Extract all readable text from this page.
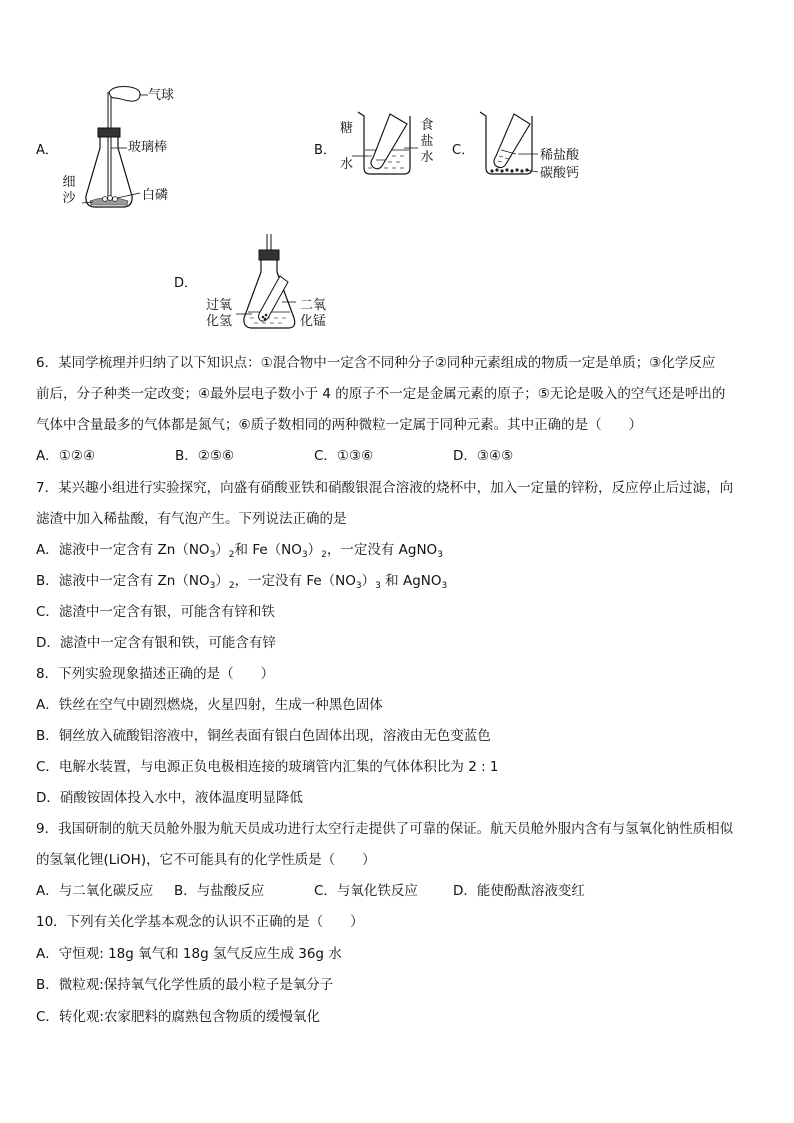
A．
气球
玻璃棒
细沙	白磷
B．
糖
水
食盐水 C．	稀盐酸
碳酸钙
D．
过氧化氢
二氧化锰
6．某同学梳理并归纳了以下知识点：①混合物中一定含不同种分子②同种元素组成的物质一定是单质；③化学反应
前后，分子种类一定改变；④最外层电子数小于 4 的原子不一定是金属元素的原子；⑤无论是吸入的空气还是呼出的
气体中含量最多的气体都是氮气；⑥质子数相同的两种微粒一定属于同种元素。其中正确的是（　　）
A．①②④	B．②⑤⑥	C．①③⑥	D．③④⑤
7．某兴趣小组进行实验探究，向盛有硝酸亚铁和硝酸银混合溶液的烧杯中，加入一定量的锌粉，反应停止后过滤，向
滤渣中加入稀盐酸，有气泡产生。下列说法正确的是
A．滤液中一定含有 $Zn(NO_3)_2$和 $Fe(NO_3)_2$，一定没有 AgNO$_3$
B．滤液中一定含有 $Zn(NO_3)_2$，一定没有 $Fe(NO_3)_3$ 和 AgNO$_3$
C．滤渣中一定含有银，可能含有锌和铁
D．滤渣中一定含有银和铁，可能含有锌
8．下列实验现象描述正确的是（　　）
A．铁丝在空气中剧烈燃烧，火星四射，生成一种黑色固体
B．铜丝放入硫酸铝溶液中，铜丝表面有银白色固体出现，溶液由无色变蓝色
C．电解水装置，与电源正负电极相连接的玻璃管内汇集的气体体积比为 2 : 1
D．硝酸铵固体投入水中，液体温度明显降低
9．我国研制的航天员舱外服为航天员成功进行太空行走提供了可靠的保证。航天员舱外服内含有与氢氧化钠性质相似
的氢氧化锂(LiOH)，它不可能具有的化学性质是（　　）
A．与二氧化碳反应 B．与盐酸反应	C．与氧化铁反应	D．能使酚酞溶液变红
10．下列有关化学基本观念的认识不正确的是（　　）
A．守恒观: 18g 氧气和 18g 氢气反应生成 36g 水
B．微粒观:保持氧气化学性质的最小粒子是氧分子
C．转化观:农家肥料的腐熟包含物质的缓慢氧化
